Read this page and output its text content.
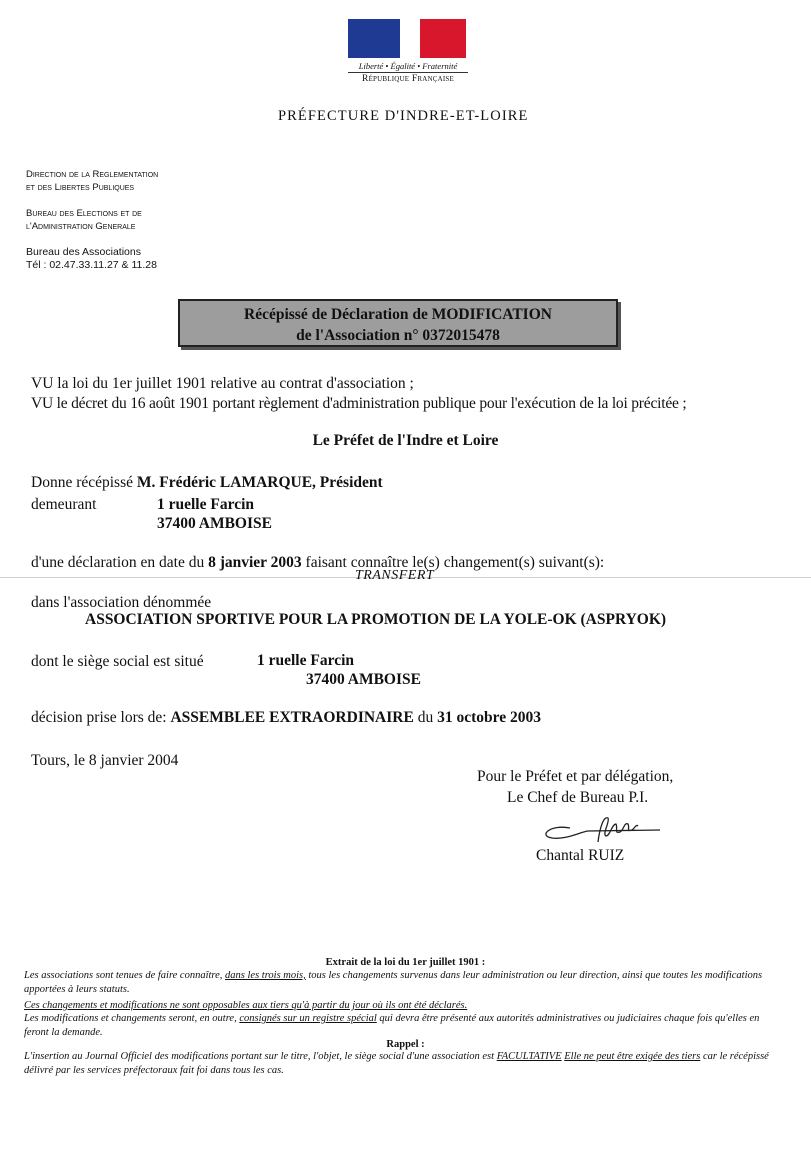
Liberté • Égalité • Fraternité
République Française
PRÉFECTURE D'INDRE-ET-LOIRE
Direction de la Reglementation
et des Libertes Publiques
Bureau des Elections et de
l'Administration Generale
Bureau des Associations
Tél : 02.47.33.11.27 & 11.28
Récépissé de Déclaration de MODIFICATION
de l'Association n° 0372015478
VU la loi du 1er juillet 1901 relative au contrat d'association ;
VU le décret du 16 août 1901 portant règlement d'administration publique pour l'exécution de la loi précitée ;
Le Préfet de l'Indre et Loire
Donne récépissé M. Frédéric LAMARQUE, Président
demeurant	1 ruelle Farcin
37400 AMBOISE
d'une déclaration en date du 8 janvier 2003 faisant connaître le(s) changement(s) suivant(s):
TRANSFERT
dans l'association dénommée
ASSOCIATION SPORTIVE POUR LA PROMOTION DE LA YOLE-OK (ASPRYOK)
dont le siège social est situé	1 ruelle Farcin
37400 AMBOISE
décision prise lors de: ASSEMBLEE EXTRAORDINAIRE du 31 octobre 2003
Tours, le 8 janvier 2004
Pour le Préfet et par délégation,
Le Chef de Bureau P.I.
Chantal RUIZ
Extrait de la loi du 1er juillet 1901 :
Les associations sont tenues de faire connaître, dans les trois mois, tous les changements survenus dans leur administration ou leur direction, ainsi que toutes les modifications apportées à leurs statuts.
Ces changements et modifications ne sont opposables aux tiers qu'à partir du jour où ils ont été déclarés.
Les modifications et changements seront, en outre, consignés sur un registre spécial qui devra être présenté aux autorités administratives ou judiciaires chaque fois qu'elles en feront la demande.
Rappel :
L'insertion au Journal Officiel des modifications portant sur le titre, l'objet, le siège social d'une association est FACULTATIVE Elle ne peut être exigée des tiers car le récépissé délivré par les services préfectoraux fait foi dans tous les cas.
